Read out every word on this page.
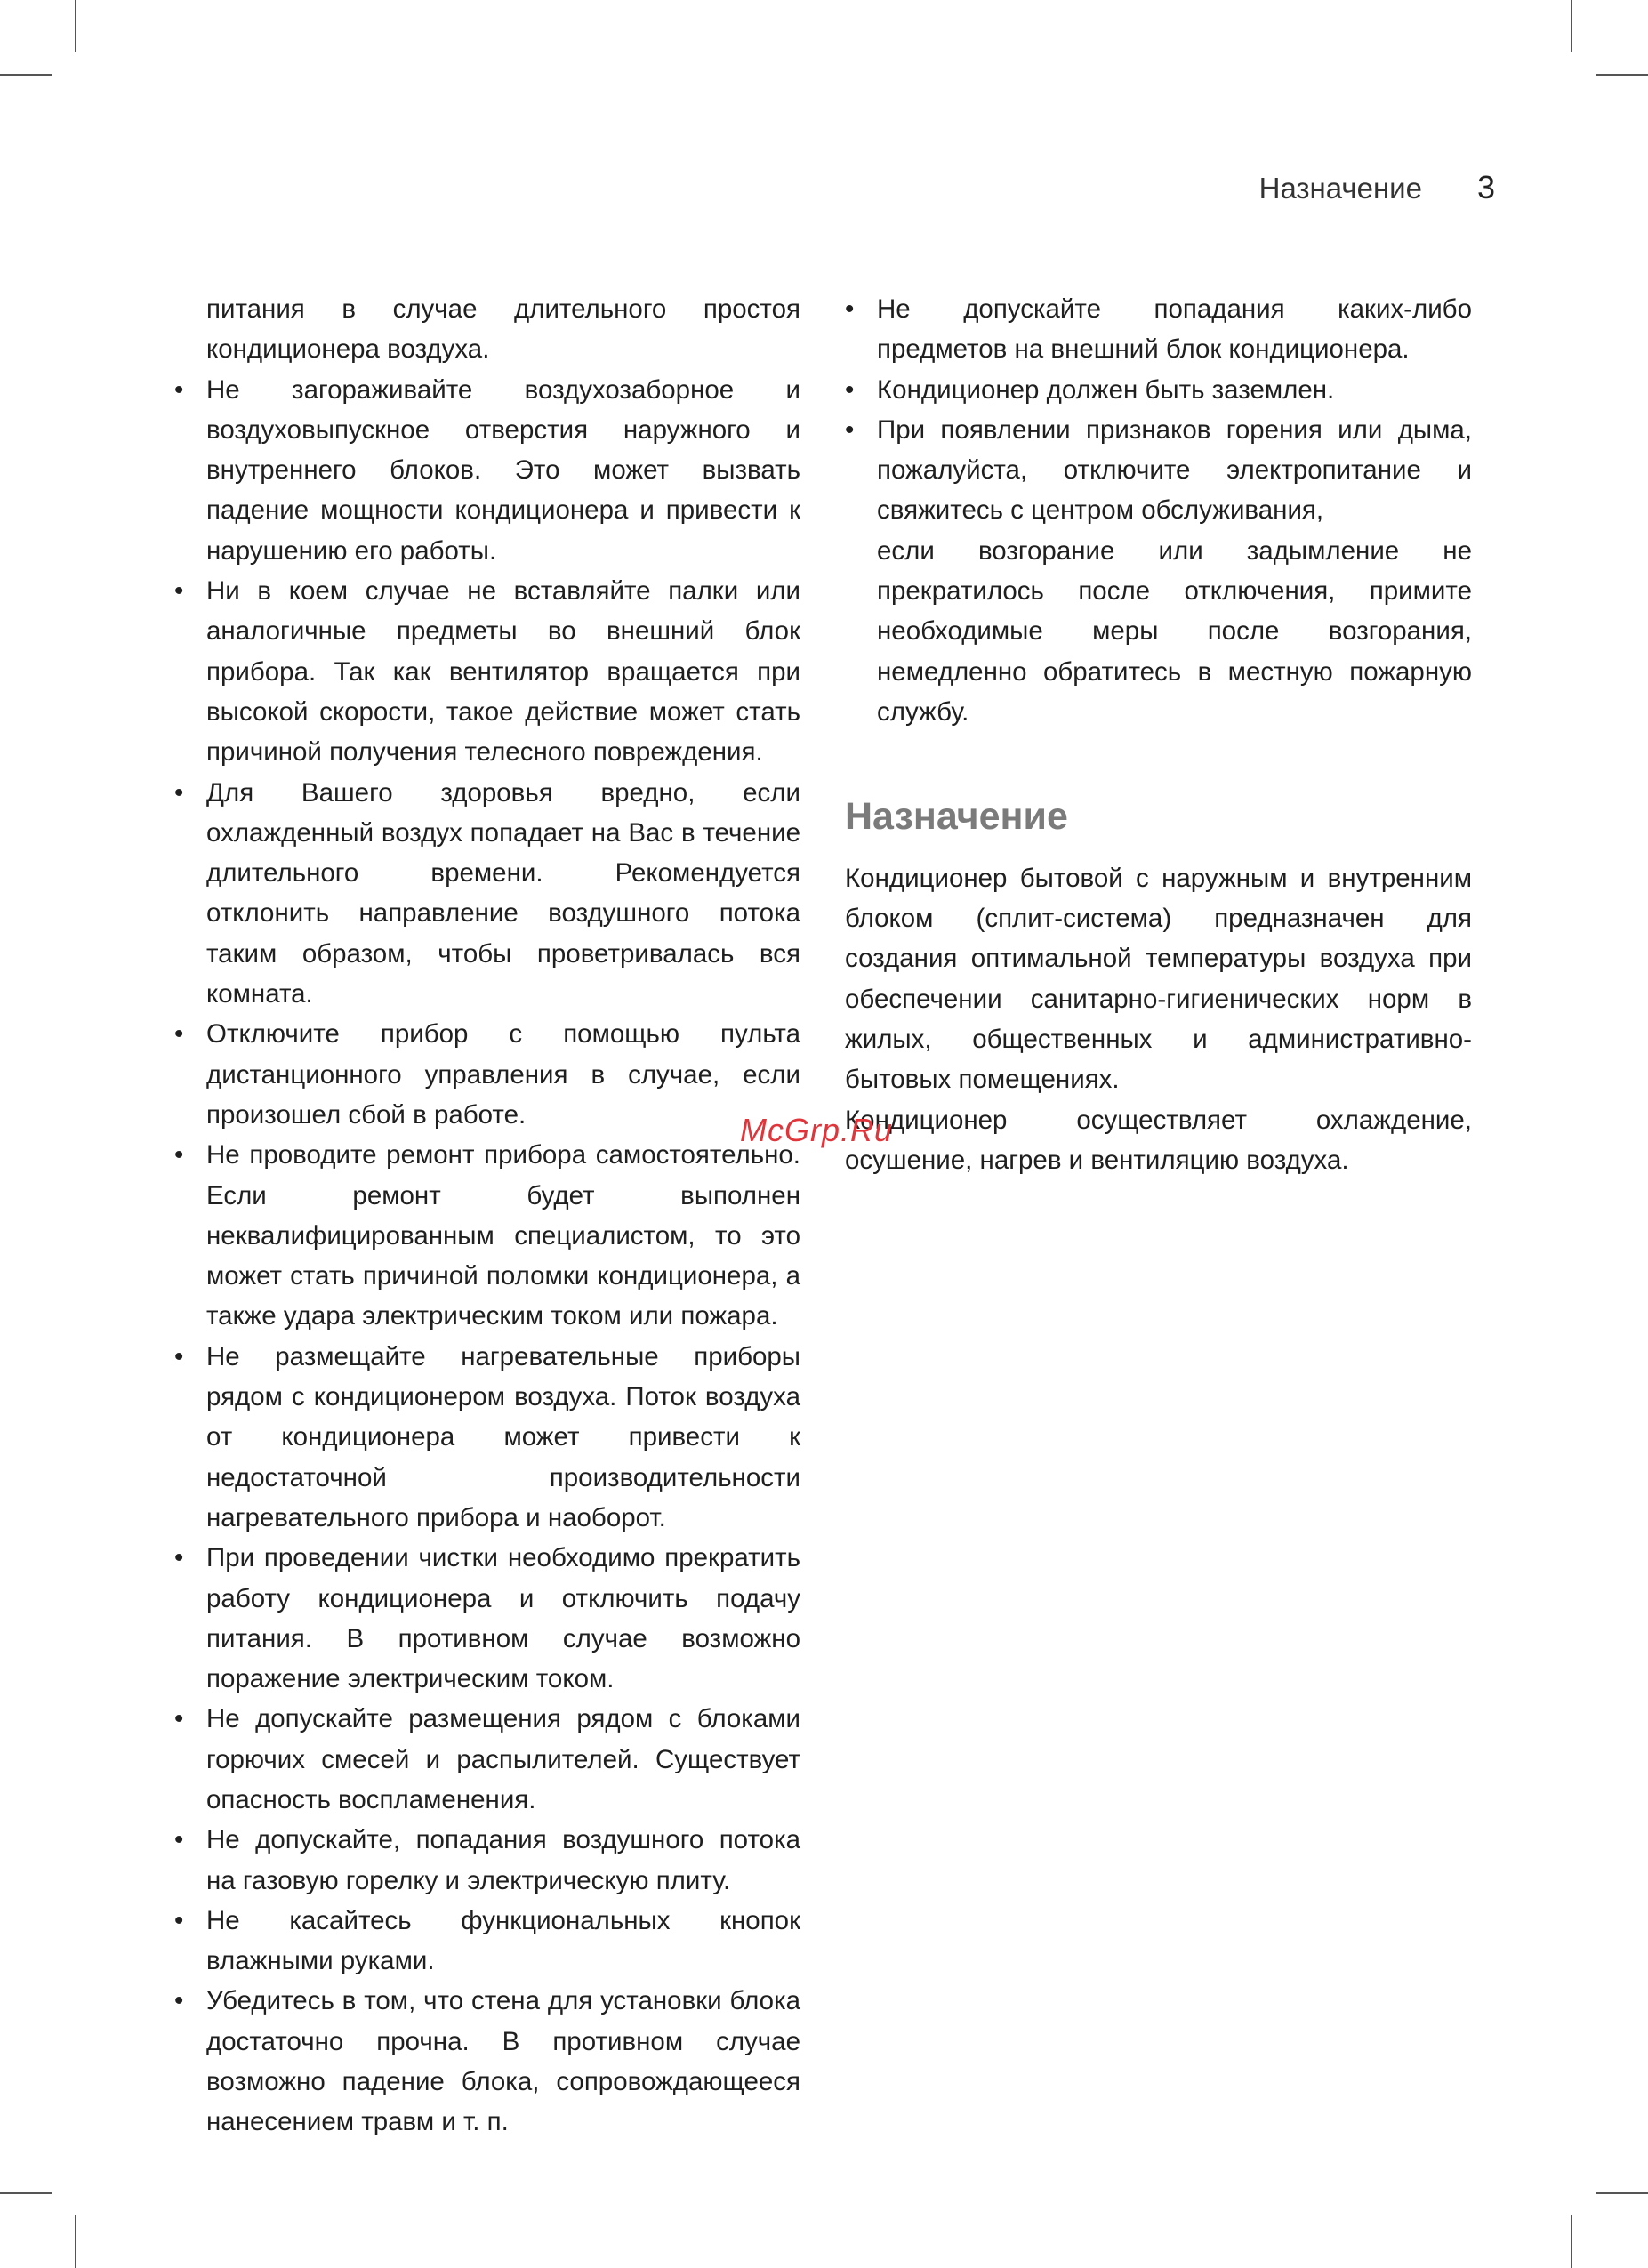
Назначение 3
питания в случае длительного простоя кондиционера воздуха.
• Не загораживайте воздухозаборное и воздуховыпускное отверстия наружного и внутреннего блоков. Это может вызвать падение мощности кондиционера и привести к нарушению его работы.
• Ни в коем случае не вставляйте палки или аналогичные предметы во внешний блок прибора. Так как вентилятор вращается при высокой скорости, такое действие может стать причиной получения телесного повреждения.
• Для Вашего здоровья вредно, если охлажденный воздух попадает на Вас в течение длительного времени. Рекомендуется отклонить направление воздушного потока таким образом, чтобы проветривалась вся комната.
• Отключите прибор с помощью пульта дистанционного управления в случае, если произошел сбой в работе.
• Не проводите ремонт прибора самостоятельно. Если ремонт будет выполнен неквалифицированным специалистом, то это может стать причиной поломки кондиционера, а также удара электрическим током или пожара.
• Не размещайте нагревательные приборы рядом с кондиционером воздуха. Поток воздуха от кондиционера может привести к недостаточной производительности нагревательного прибора и наоборот.
• При проведении чистки необходимо прекратить работу кондиционера и отключить подачу питания. В противном случае возможно поражение электрическим током.
• Не допускайте размещения рядом с блоками горючих смесей и распылителей. Существует опасность воспламенения.
• Не допускайте, попадания воздушного потока на газовую горелку и электрическую плиту.
• Не касайтесь функциональных кнопок влажными руками.
• Убедитесь в том, что стена для установки блока достаточно прочна. В противном случае возможно падение блока, сопровождающееся нанесением травм и т. п.
• Не допускайте попадания каких-либо предметов на внешний блок кондиционера.
• Кондиционер должен быть заземлен.
• При появлении признаков горения или дыма, пожалуйста, отключите электропитание и свяжитесь с центром обслуживания,
если возгорание или задымление не прекратилось после отключения, примите необходимые меры после возгорания, немедленно обратитесь в местную пожарную службу.
Назначение

Кондиционер бытовой с наружным и внутренним блоком (сплит-система) предназначен для создания оптимальной температуры воздуха при обеспечении санитарно-гигиенических норм в жилых, общественных и административно-бытовых помещениях.

Кондиционер осуществляет охлаждение, осушение, нагрев и вентиляцию воздуха.

McGrp.Ru
